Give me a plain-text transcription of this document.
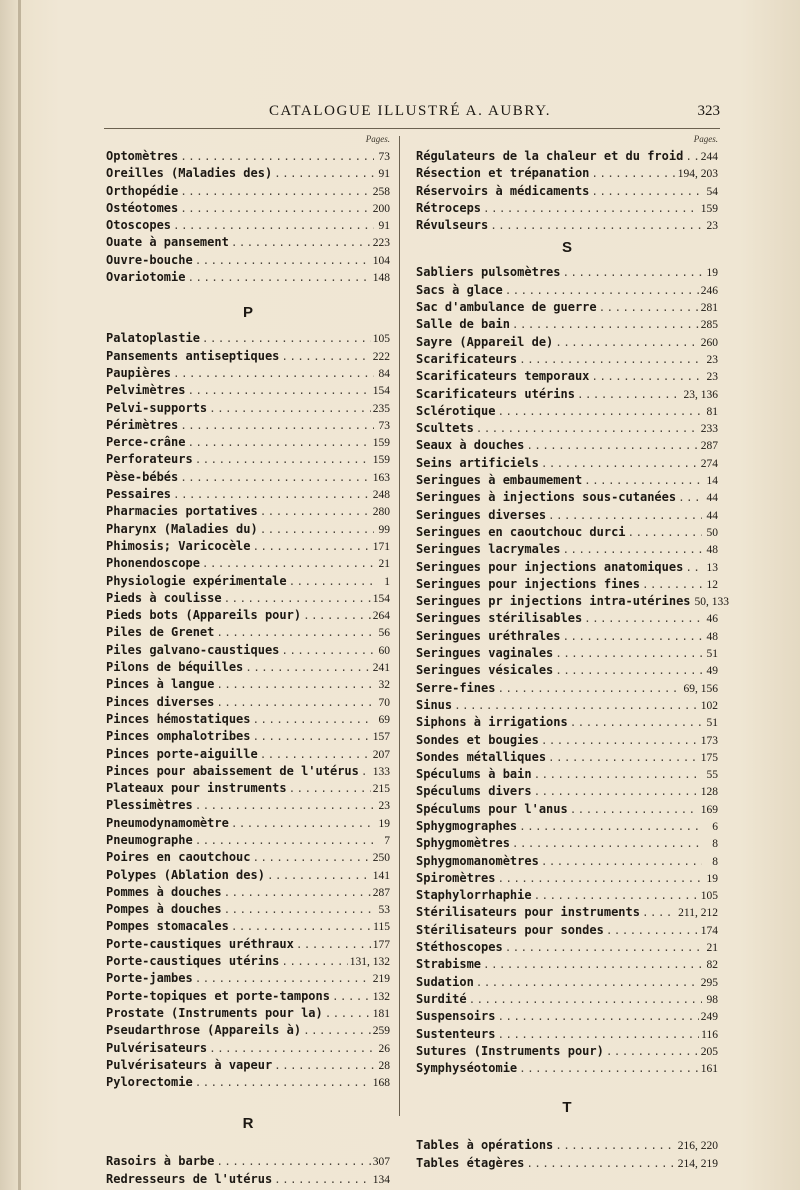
CATALOGUE ILLUSTRÉ A. AUBRY.	323
Pages.
Optomètres .....	73
Oreilles (Maladies des) .....	91
Orthopédie .....	258
Ostéotomes .....	200
Otoscopes .....	91
Ouate à pansement .....	223
Ouvre-bouche .....	104
Ovariotomie .....	148
P
Palatoplastie .....	105
Pansements antiseptiques .....	222
Paupières .....	84
Pelvimètres .....	154
Pelvi-supports .....	235
Périmètres .....	73
Perce-crâne .....	159
Perforateurs .....	159
Pèse-bébés .....	163
Pessaires .....	248
Pharmacies portatives .....	280
Pharynx (Maladies du) .....	99
Phimosis; Varicocèle .....	171
Phonendoscope .....	21
Physiologie expérimentale .....	1
Pieds à coulisse .....	154
Pieds bots (Appareils pour) .....	264
Piles de Grenet .....	56
Piles galvano-caustiques .....	60
Pilons de béquilles .....	241
Pinces à langue .....	32
Pinces diverses .....	70
Pinces hémostatiques .....	69
Pinces omphalotribes .....	157
Pinces porte-aiguille .....	207
Pinces pour abaissement de l'utérus ..... 133
Plateaux pour instruments .....	215
Plessimètres .....	23
Pneumodynamomètre .....	19
Pneumographe .....	7
Poires en caoutchouc .....	250
Polypes (Ablation des) .....	141
Pommes à douches .....	287
Pompes à douches .....	53
Pompes stomacales .....	115
Porte-caustiques uréthraux .....	177
Porte-caustiques utérins .....	131, 132
Porte-jambes .....	219
Porte-topiques et porte-tampons .....	132
Prostate (Instruments pour la) .....	181
Pseudarthrose (Appareils à) .....	259
Pulvérisateurs .....	26
Pulvérisateurs à vapeur .....	28
Pylorectomie .....	168
R
Rasoirs à barbe .....	307
Redresseurs de l'utérus .....	134
Pages.
Régulateurs de la chaleur et du froid ..... 244
Résection et trépanation .....	194, 203
Réservoirs à médicaments .....	54
Rétroceps .....	159
Révulseurs .....	23
S
Sabliers pulsomètres .....	19
Sacs à glace .....	246
Sac d'ambulance de guerre .....	281
Salle de bain .....	285
Sayre (Appareil de) .....	260
Scarificateurs .....	23
Scarificateurs temporaux .....	23
Scarificateurs utérins .....	23, 136
Sclérotique .....	81
Scultets .....	233
Seaux à douches .....	287
Seins artificiels .....	274
Seringues à embaumement .....	14
Seringues à injections sous-cutanées .....	44
Seringues diverses .....	44
Seringues en caoutchouc durci .....	50
Seringues lacrymales .....	48
Seringues pour injections anatomiques ..... 13
Seringues pour injections fines .....	12
Seringues pr injections intra-utérines 50, 133
Seringues stérilisables .....	46
Seringues uréthrales .....	48
Seringues vaginales .....	51
Seringues vésicales .....	49
Serre-fines .....	69, 156
Sinus .....	102
Siphons à irrigations .....	51
Sondes et bougies .....	173
Sondes métalliques .....	175
Spéculums à bain .....	55
Spéculums divers .....	128
Spéculums pour l'anus .....	169
Sphygmographes .....	6
Sphygmomètres .....	8
Sphygmomanomètres .....	8
Spiromètres .....	19
Staphylorrhaphie .....	105
Stérilisateurs pour instruments .....	211, 212
Stérilisateurs pour sondes .....	174
Stéthoscopes .....	21
Strabisme .....	82
Sudation .....	295
Surdité .....	98
Suspensoirs .....	249
Sustenteurs .....	116
Sutures (Instruments pour) .....	205
Symphyséotomie .....	161
T
Tables à opérations .....	216, 220
Tables étagères .....	214, 219
